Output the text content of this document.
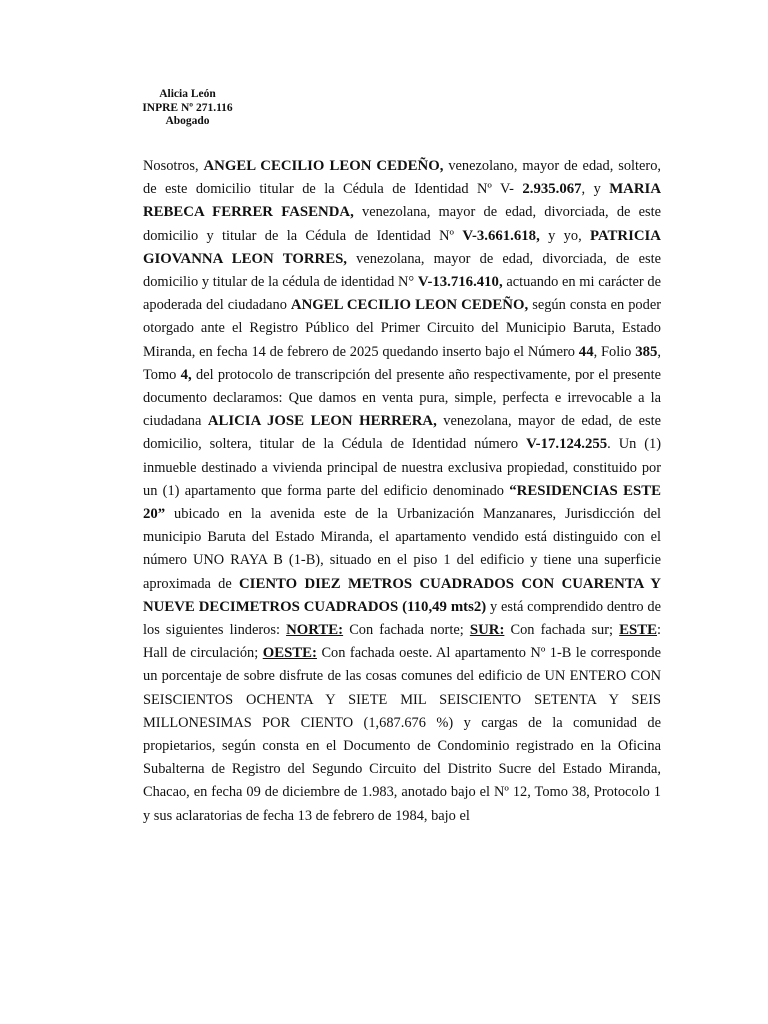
Alicia León
INPRE Nº 271.116
Abogado

Nosotros, ANGEL CECILIO LEON CEDEÑO, venezolano, mayor de edad, soltero, de este domicilio titular de la Cédula de Identidad Nº V- 2.935.067, y MARIA REBECA FERRER FASENDA, venezolana, mayor de edad, divorciada, de este domicilio y titular de la Cédula de Identidad Nº V-3.661.618, y yo, PATRICIA GIOVANNA LEON TORRES, venezolana, mayor de edad, divorciada, de este domicilio y titular de la cédula de identidad N° V-13.716.410, actuando en mi carácter de apoderada del ciudadano ANGEL CECILIO LEON CEDEÑO, según consta en poder otorgado ante el Registro Público del Primer Circuito del Municipio Baruta, Estado Miranda, en fecha 14 de febrero de 2025 quedando inserto bajo el Número 44, Folio 385, Tomo 4, del protocolo de transcripción del presente año respectivamente, por el presente documento declaramos: Que damos en venta pura, simple, perfecta e irrevocable a la ciudadana ALICIA JOSE LEON HERRERA, venezolana, mayor de edad, de este domicilio, soltera, titular de la Cédula de Identidad número V-17.124.255. Un (1) inmueble destinado a vivienda principal de nuestra exclusiva propiedad, constituido por un (1) apartamento que forma parte del edificio denominado “RESIDENCIAS ESTE 20” ubicado en la avenida este de la Urbanización Manzanares, Jurisdicción del municipio Baruta del Estado Miranda, el apartamento vendido está distinguido con el número UNO RAYA B (1-B), situado en el piso 1 del edificio y tiene una superficie aproximada de CIENTO DIEZ METROS CUADRADOS CON CUARENTA Y NUEVE DECIMETROS CUADRADOS (110,49 mts2) y está comprendido dentro de los siguientes linderos: NORTE: Con fachada norte; SUR: Con fachada sur; ESTE: Hall de circulación; OESTE: Con fachada oeste. Al apartamento Nº 1-B le corresponde un porcentaje de sobre disfrute de las cosas comunes del edificio de UN ENTERO CON SEISCIENTOS OCHENTA Y SIETE MIL SEISCIENTO SETENTA Y SEIS MILLONESIMAS POR CIENTO (1,687.676 %) y cargas de la comunidad de propietarios, según consta en el Documento de Condominio registrado en la Oficina Subalterna de Registro del Segundo Circuito del Distrito Sucre del Estado Miranda, Chacao, en fecha 09 de diciembre de 1.983, anotado bajo el Nº 12, Tomo 38, Protocolo 1 y sus aclaratorias de fecha 13 de febrero de 1984, bajo el
